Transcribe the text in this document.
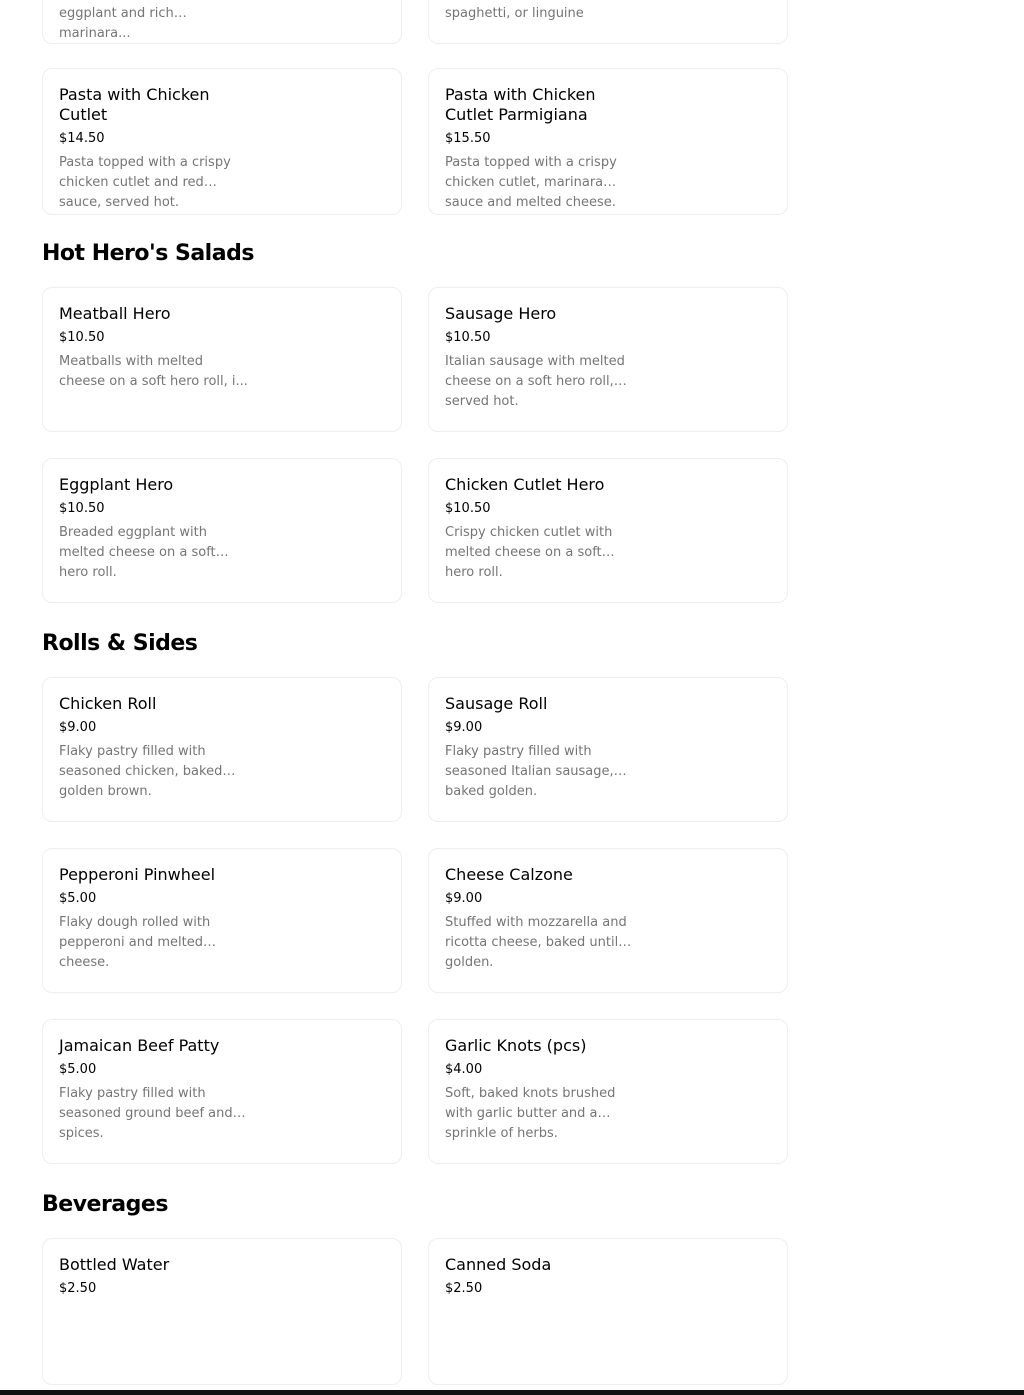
eggplant and rich marinara...
spaghetti, or linguine
Pasta with Chicken Cutlet
$14.50
Pasta topped with a crispy chicken cutlet and red sauce, served hot.
Pasta with Chicken Cutlet Parmigiana
$15.50
Pasta topped with a crispy chicken cutlet, marinara sauce and melted cheese.
Hot Hero's Salads
Meatball Hero
$10.50
Meatballs with melted cheese on a soft hero roll, i...
Sausage Hero
$10.50
Italian sausage with melted cheese on a soft hero roll, served hot.
Eggplant Hero
$10.50
Breaded eggplant with melted cheese on a soft hero roll.
Chicken Cutlet Hero
$10.50
Crispy chicken cutlet with melted cheese on a soft hero roll.
Rolls & Sides
Chicken Roll
$9.00
Flaky pastry filled with seasoned chicken, baked golden brown.
Sausage Roll
$9.00
Flaky pastry filled with seasoned Italian sausage, baked golden.
Pepperoni Pinwheel
$5.00
Flaky dough rolled with pepperoni and melted cheese.
Cheese Calzone
$9.00
Stuffed with mozzarella and ricotta cheese, baked until golden.
Jamaican Beef Patty
$5.00
Flaky pastry filled with seasoned ground beef and spices.
Garlic Knots (pcs)
$4.00
Soft, baked knots brushed with garlic butter and a sprinkle of herbs.
Beverages
Bottled Water
$2.50
Canned Soda
$2.50
